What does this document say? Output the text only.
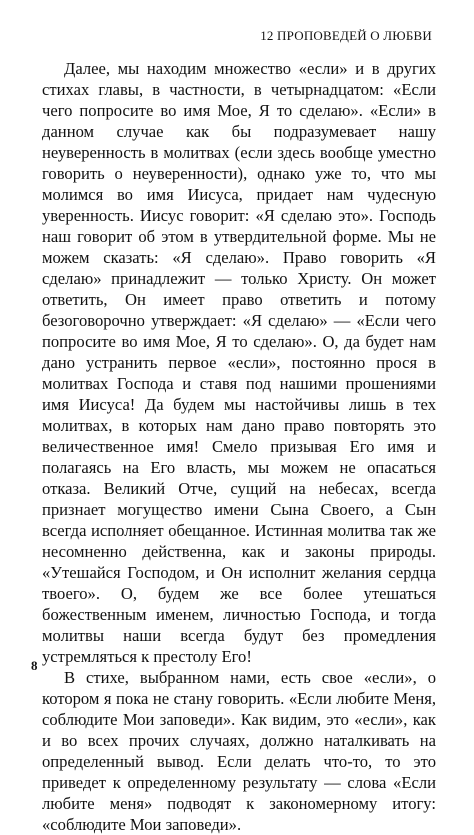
12 ПРОПОВЕДЕЙ О ЛЮБВИ

Далее, мы находим множество «если» и в других стихах главы, в частности, в четырнадцатом: «Если чего попросите во имя Мое, Я то сделаю». «Если» в данном случае как бы подразумевает нашу неуверенность в молитвах (если здесь вообще уместно говорить о неуверенности), однако уже то, что мы молимся во имя Иисуса, придает нам чудесную уверенность. Иисус говорит: «Я сделаю это». Господь наш говорит об этом в утвердительной форме. Мы не можем сказать: «Я сделаю». Право говорить «Я сделаю» принадлежит — только Христу. Он может ответить, Он имеет право ответить и потому безоговорочно утверждает: «Я сделаю» — «Если чего попросите во имя Мое, Я то сделаю». О, да будет нам дано устранить первое «если», постоянно прося в молитвах Господа и ставя под нашими прошениями имя Иисуса! Да будем мы настойчивы лишь в тех молитвах, в которых нам дано право повторять это величественное имя! Смело призывая Его имя и полагаясь на Его власть, мы можем не опасаться отказа. Великий Отче, сущий на небесах, всегда признает могущество имени Сына Своего, а Сын всегда исполняет обещанное. Истинная молитва так же несомненно действенна, как и законы природы. «Утешайся Господом, и Он исполнит желания сердца твоего». О, будем же все более утешаться божественным именем, личностью Господа, и тогда молитвы наши всегда будут без промедления устремляться к престолу Его!

В стихе, выбранном нами, есть свое «если», о котором я пока не стану говорить. «Если любите Меня, соблюдите Мои заповеди». Как видим, это «если», как и во всех прочих случаях, должно наталкивать на определенный вывод. Если делать что-то, то это приведет к определенному результату — слова «Если любите меня» подводят к закономерному итогу: «соблюдите Мои заповеди».

8
